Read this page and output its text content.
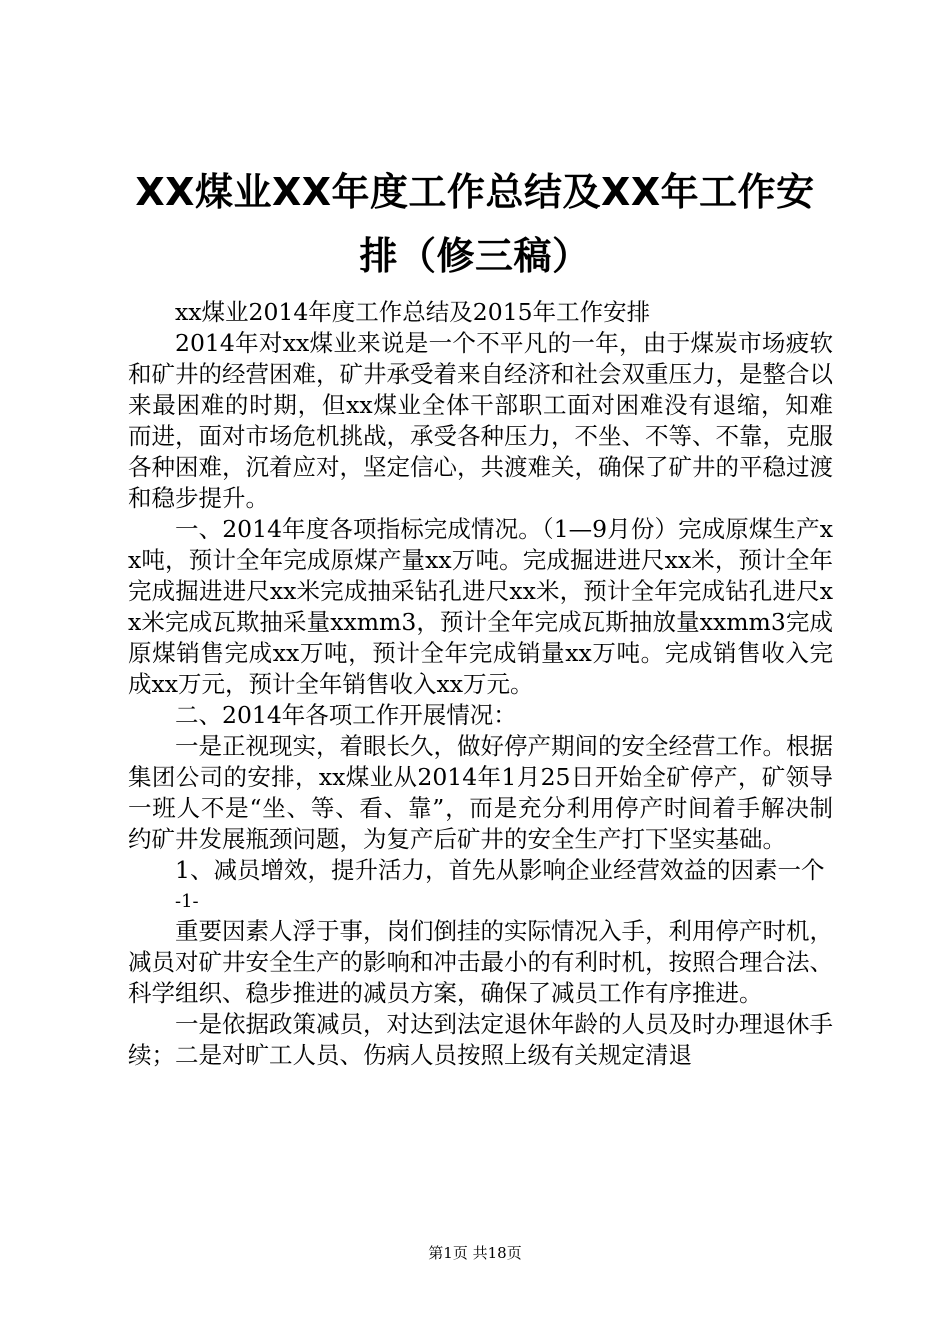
XX煤业XX年度工作总结及XX年工作安排（修三稿）

xx煤业2014年度工作总结及2015年工作安排

2014年对xx煤业来说是一个不平凡的一年，由于煤炭市场疲软和矿井的经营困难，矿井承受着来自经济和社会双重压力，是整合以来最困难的时期，但xx煤业全体干部职工面对困难没有退缩，知难而进，面对市场危机挑战，承受各种压力，不坐、不等、不靠，克服各种困难，沉着应对，坚定信心，共渡难关，确保了矿井的平稳过渡和稳步提升。

一、2014年度各项指标完成情况。（1—9月份）完成原煤生产xx吨，预计全年完成原煤产量xx万吨。完成掘进进尺xx米，预计全年完成掘进进尺xx米完成抽采钻孔进尺xx米，预计全年完成钻孔进尺xx米完成瓦欺抽采量xxmm3，预计全年完成瓦斯抽放量xxmm3完成原煤销售完成xx万吨，预计全年完成销量xx万吨。完成销售收入完成xx万元，预计全年销售收入xx万元。

二、2014年各项工作开展情况：

一是正视现实，着眼长久，做好停产期间的安全经营工作。根据集团公司的安排，xx煤业从2014年1月25日开始全矿停产，矿领导一班人不是“坐、等、看、靠”，而是充分利用停产时间着手解决制约矿井发展瓶颈问题，为复产后矿井的安全生产打下坚实基础。

1、减员增效，提升活力，首先从影响企业经营效益的因素一个

-1-

重要因素人浮于事，岗们倒挂的实际情况入手，利用停产时机，减员对矿井安全生产的影响和冲击最小的有利时机，按照合理合法、科学组织、稳步推进的减员方案，确保了减员工作有序推进。

一是依据政策减员，对达到法定退休年龄的人员及时办理退休手续；二是对旷工人员、伤病人员按照上级有关规定清退

第1页 共18页
